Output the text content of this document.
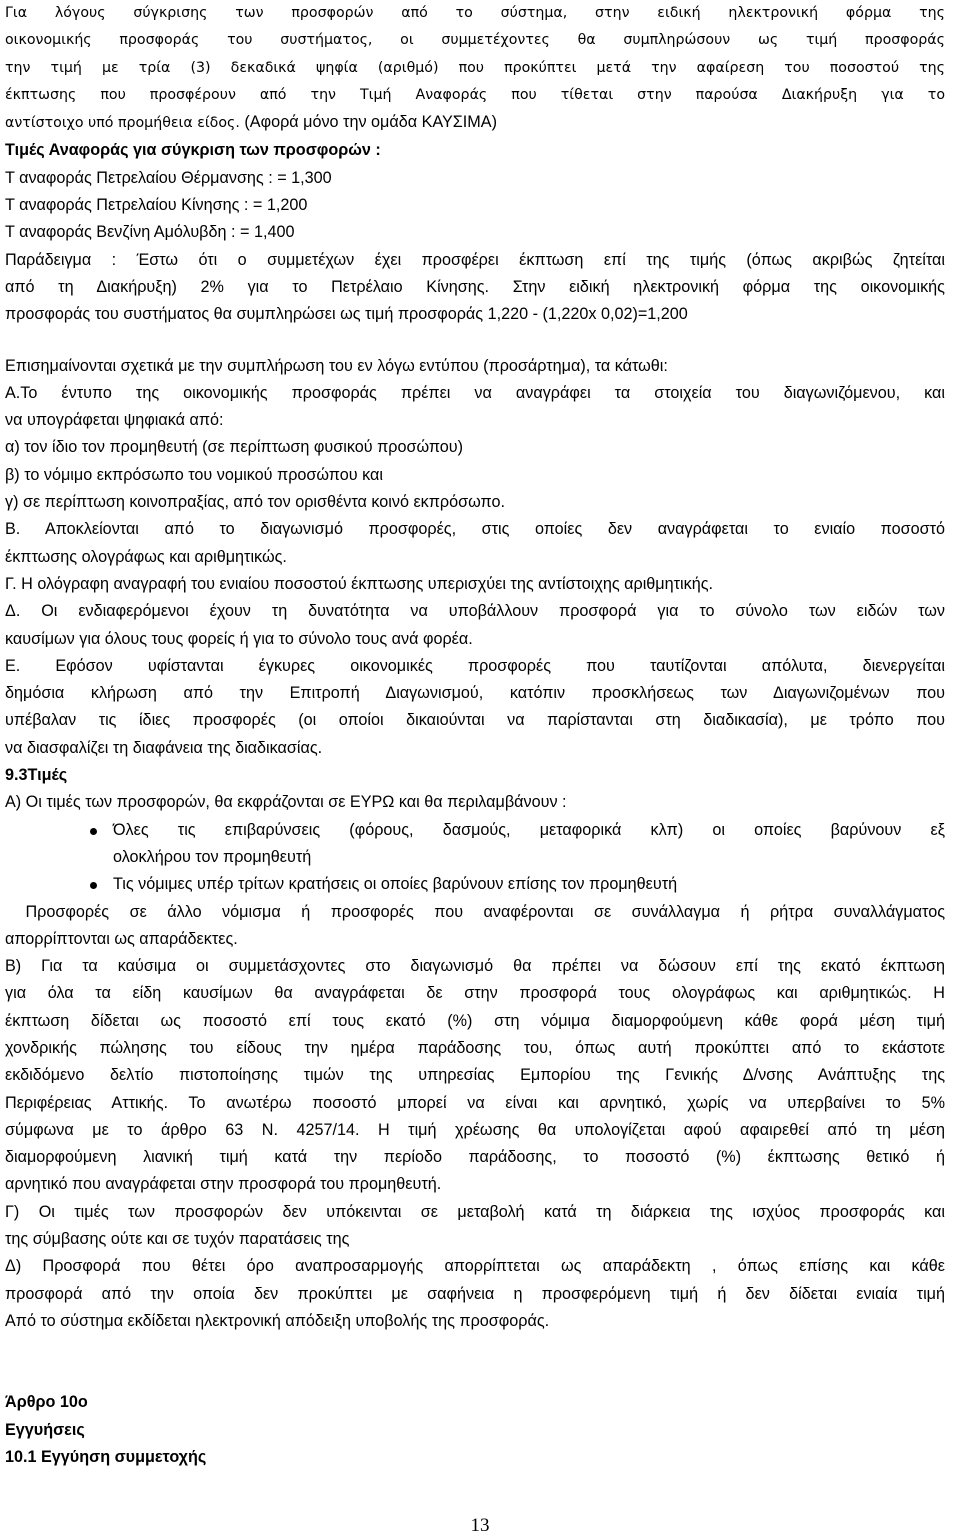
Για λόγους σύγκρισης των προσφορών από το σύστημα, στην ειδική ηλεκτρονική φόρμα της
οικονομικής προσφοράς του συστήματος, οι συμμετέχοντες θα συμπληρώσουν ως τιμή προσφοράς
την τιμή με τρία (3) δεκαδικά ψηφία (αριθμό) που προκύπτει μετά την αφαίρεση του ποσοστού της
έκπτωσης που προσφέρουν από την Τιμή Αναφοράς που τίθεται στην παρούσα Διακήρυξη για το
αντίστοιχο υπό προμήθεια είδος. (Αφορά μόνο την ομάδα ΚΑΥΣΙΜΑ)
Τιμές Αναφοράς για σύγκριση των προσφορών :
Τ αναφοράς Πετρελαίου Θέρμανσης : = 1,300
Τ αναφοράς Πετρελαίου Κίνησης : = 1,200
Τ αναφοράς Βενζίνη Αμόλυβδη : = 1,400
Παράδειγμα : Έστω ότι ο συμμετέχων έχει προσφέρει έκπτωση επί της τιμής (όπως ακριβώς ζητείται
από τη Διακήρυξη) 2% για το Πετρέλαιο Κίνησης. Στην ειδική ηλεκτρονική φόρμα της οικονομικής
προσφοράς του συστήματος θα συμπληρώσει ως τιμή προσφοράς 1,220 - (1,220x 0,02)=1,200
Επισημαίνονται σχετικά με την συμπλήρωση του εν λόγω εντύπου (προσάρτημα), τα κάτωθι:
Α.Το έντυπο της οικονομικής προσφοράς πρέπει να αναγράφει τα στοιχεία του διαγωνιζόμενου, και
να υπογράφεται ψηφιακά από:
α) τον ίδιο τον προμηθευτή (σε περίπτωση φυσικού προσώπου)
β) το νόμιμο εκπρόσωπο του νομικού προσώπου και
γ) σε περίπτωση κοινοπραξίας, από τον ορισθέντα κοινό εκπρόσωπο.
Β. Αποκλείονται από το διαγωνισμό προσφορές, στις οποίες δεν αναγράφεται το ενιαίο ποσοστό
έκπτωσης ολογράφως και αριθμητικώς.
Γ. Η ολόγραφη αναγραφή του ενιαίου ποσοστού έκπτωσης υπερισχύει της αντίστοιχης αριθμητικής.
Δ. Οι ενδιαφερόμενοι έχουν τη δυνατότητα να υποβάλλουν προσφορά για το σύνολο των ειδών των
καυσίμων για όλους τους φορείς ή για το σύνολο τους ανά φορέα.
Ε. Εφόσον υφίστανται έγκυρες οικονομικές προσφορές που ταυτίζονται απόλυτα, διενεργείται
δημόσια κλήρωση από την Επιτροπή Διαγωνισμού, κατόπιν προσκλήσεως των Διαγωνιζομένων που
υπέβαλαν τις ίδιες προσφορές (οι οποίοι δικαιούνται να παρίστανται στη διαδικασία), με τρόπο που
να διασφαλίζει τη διαφάνεια της διαδικασίας.
9.3Τιμές
Α) Οι τιμές των προσφορών, θα εκφράζονται σε ΕΥΡΩ και θα περιλαμβάνουν :
Όλες τις επιβαρύνσεις (φόρους, δασμούς, μεταφορικά κλπ) οι οποίες βαρύνουν εξ
ολοκλήρου τον προμηθευτή
Τις νόμιμες υπέρ τρίτων κρατήσεις οι οποίες βαρύνουν επίσης τον προμηθευτή
Προσφορές σε άλλο νόμισμα ή προσφορές που αναφέρονται σε συνάλλαγμα ή ρήτρα συναλλάγματος
απορρίπτονται ως απαράδεκτες.
Β) Για τα καύσιμα οι συμμετάσχοντες στο διαγωνισμό θα πρέπει να δώσουν επί της εκατό έκπτωση
για όλα τα είδη καυσίμων θα αναγράφεται δε στην προσφορά τους ολογράφως και αριθμητικώς. Η
έκπτωση δίδεται ως ποσοστό επί τους εκατό (%) στη νόμιμα διαμορφούμενη κάθε φορά μέση τιμή
χονδρικής πώλησης του είδους την ημέρα παράδοσης του, όπως αυτή προκύπτει από το εκάστοτε
εκδιδόμενο δελτίο πιστοποίησης τιμών της υπηρεσίας Εμπορίου της Γενικής Δ/νσης Ανάπτυξης της
Περιφέρειας Αττικής. Το ανωτέρω ποσοστό μπορεί να είναι και αρνητικό, χωρίς να υπερβαίνει το 5%
σύμφωνα με το άρθρο 63 Ν. 4257/14. Η τιμή χρέωσης θα υπολογίζεται αφού αφαιρεθεί από τη μέση
διαμορφούμενη λιανική τιμή κατά την περίοδο παράδοσης, το ποσοστό (%) έκπτωσης θετικό ή
αρνητικό που αναγράφεται στην προσφορά του προμηθευτή.
Γ) Οι τιμές των προσφορών δεν υπόκεινται σε μεταβολή κατά τη διάρκεια της ισχύος προσφοράς και
της σύμβασης ούτε και σε τυχόν παρατάσεις της
Δ) Προσφορά που θέτει όρο αναπροσαρμογής απορρίπτεται ως απαράδεκτη , όπως επίσης και κάθε
προσφορά από την οποία δεν προκύπτει με σαφήνεια η προσφερόμενη τιμή ή δεν δίδεται ενιαία τιμή
Από το σύστημα εκδίδεται ηλεκτρονική απόδειξη υποβολής της προσφοράς.
Άρθρο 10ο
Εγγυήσεις
10.1 Εγγύηση συμμετοχής
13
